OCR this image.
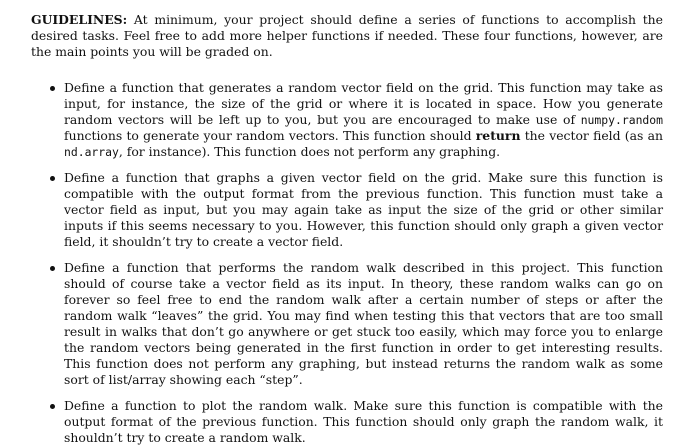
GUIDELINES: At minimum, your project should define a series of functions to accomplish the desired tasks. Feel free to add more helper functions if needed. These four functions, however, are the main points you will be graded on.

Define a function that generates a random vector field on the grid. This function may take as input, for instance, the size of the grid or where it is located in space. How you generate random vectors will be left up to you, but you are encouraged to make use of numpy.random functions to generate your random vectors. This function should return the vector field (as an nd.array, for instance). This function does not perform any graphing.
Define a function that graphs a given vector field on the grid. Make sure this function is compatible with the output format from the previous function. This function must take a vector field as input, but you may again take as input the size of the grid or other similar inputs if this seems necessary to you. However, this function should only graph a given vector field, it shouldn’t try to create a vector field.
Define a function that performs the random walk described in this project. This function should of course take a vector field as its input. In theory, these random walks can go on forever so feel free to end the random walk after a certain number of steps or after the random walk “leaves” the grid. You may find when testing this that vectors that are too small result in walks that don’t go anywhere or get stuck too easily, which may force you to enlarge the random vectors being generated in the first function in order to get interesting results. This function does not perform any graphing, but instead returns the random walk as some sort of list/array showing each “step”.
Define a function to plot the random walk. Make sure this function is compatible with the output format of the previous function. This function should only graph the random walk, it shouldn’t try to create a random walk.
